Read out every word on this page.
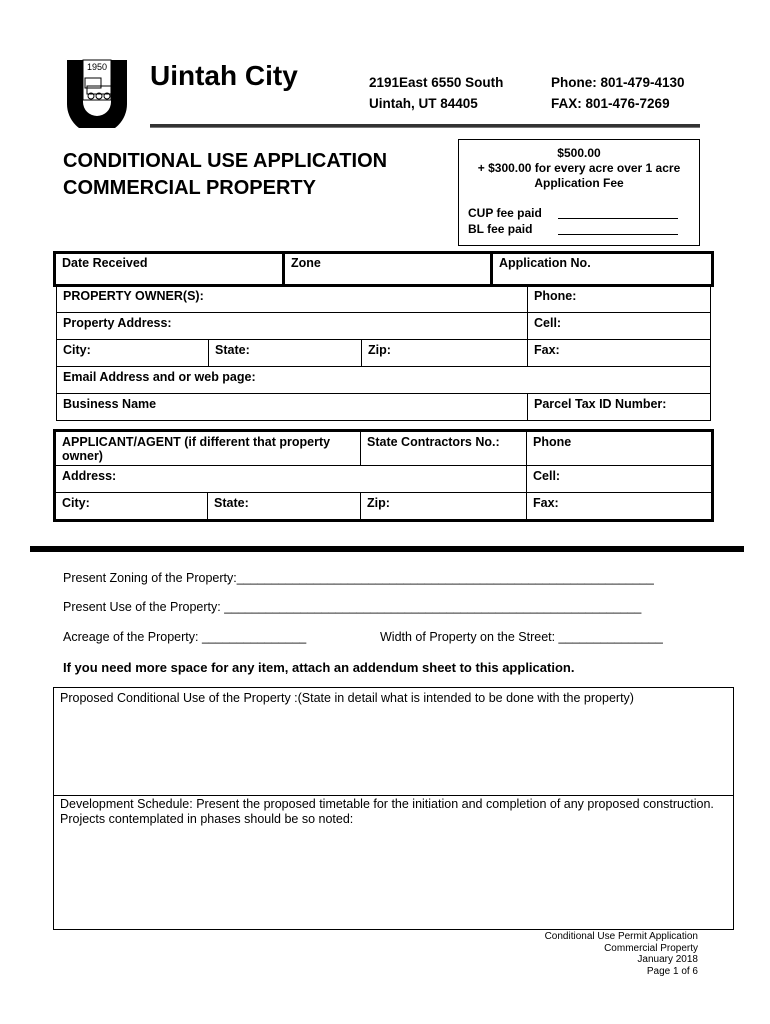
1950 Uintah City	2191East 6550 South
Uintah, UT 84405
Phone: 801-479-4130
FAX: 801-476-7269
CONDITIONAL USE APPLICATION
COMMERCIAL PROPERTY
$500.00
+ $300.00 for every acre over 1 acre
Application Fee
CUP fee paid
BL fee paid
Date Received	Zone	Application No.
PROPERTY OWNER(S):			Phone:
Property Address:			Cell:
City:	State:	Zip:	Fax:
Email Address and or web page:			
Business Name			Parcel Tax ID Number:
APPLICANT/AGENT (if different that property owner)		State Contractors No.:	Phone
Address:			Cell:
City:	State:	Zip:	Fax:
Present Zoning of the Property:____________________________________________________________
Present Use of the Property: ____________________________________________________________
Acreage of the Property: _______________	Width of Property on the Street: _______________
If you need more space for any item, attach an addendum sheet to this application.
Proposed Conditional Use of the Property :(State in detail what is intended to be done with the property)
Development Schedule: Present the proposed timetable for the initiation and completion of any proposed construction.
Projects contemplated in phases should be so noted:
Conditional Use Permit Application
Commercial Property
January 2018
Page 1 of 6
